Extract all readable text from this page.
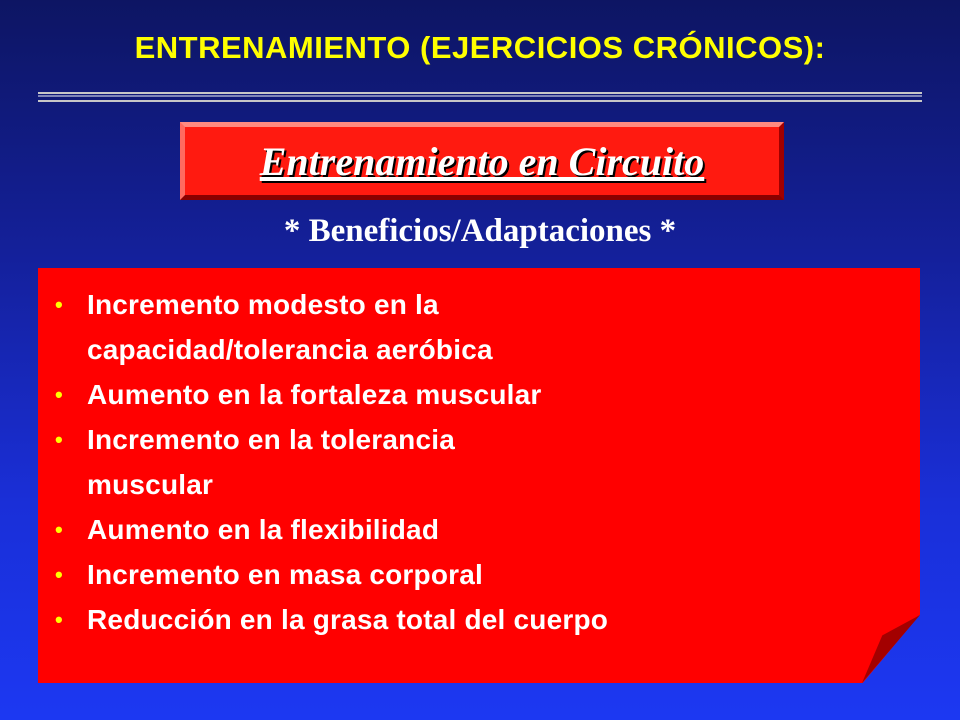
ENTRENAMIENTO (EJERCICIOS CRÓNICOS):
Entrenamiento en Circuito
* Beneficios/Adaptaciones *
• Incremento modesto en la
capacidad/tolerancia aeróbica
• Aumento en la fortaleza muscular
• Incremento en la tolerancia
muscular
• Aumento en la flexibilidad
• Incremento en masa corporal
• Reducción en la grasa total del cuerpo
